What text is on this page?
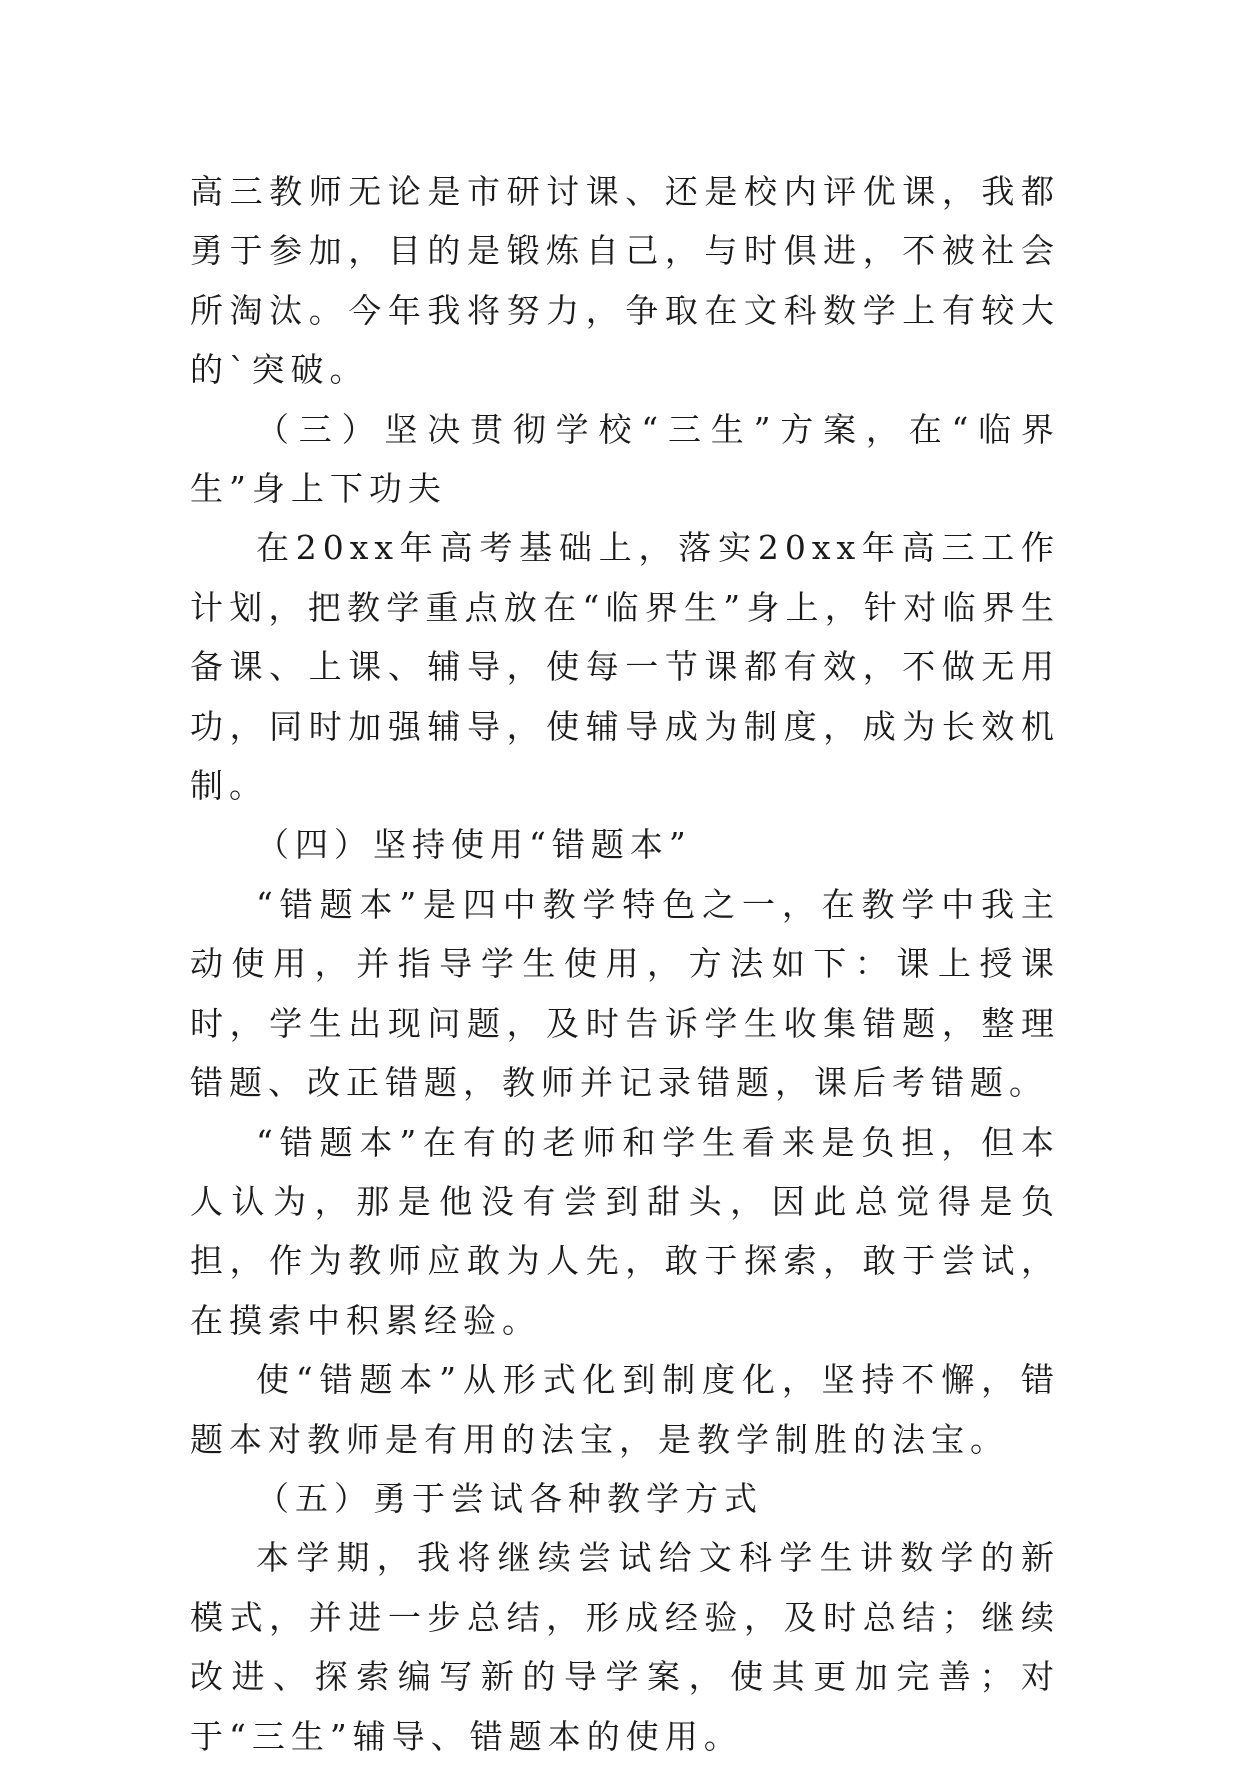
高三教师无论是市研讨课、还是校内评优课，我都勇于参加，目的是锻炼自己，与时俱进，不被社会所淘汰。今年我将努力，争取在文科数学上有较大的`突破。

（三）坚决贯彻学校“三生”方案，在“临界生”身上下功夫

在20xx年高考基础上，落实20xx年高三工作计划，把教学重点放在“临界生”身上，针对临界生备课、上课、辅导，使每一节课都有效，不做无用功，同时加强辅导，使辅导成为制度，成为长效机制。

（四）坚持使用“错题本”

“错题本”是四中教学特色之一，在教学中我主动使用，并指导学生使用，方法如下：课上授课时，学生出现问题，及时告诉学生收集错题，整理错题、改正错题，教师并记录错题，课后考错题。

“错题本”在有的老师和学生看来是负担，但本人认为，那是他没有尝到甜头，因此总觉得是负担，作为教师应敢为人先，敢于探索，敢于尝试，在摸索中积累经验。

使“错题本”从形式化到制度化，坚持不懈，错题本对教师是有用的法宝，是教学制胜的法宝。

（五）勇于尝试各种教学方式

本学期，我将继续尝试给文科学生讲数学的新模式，并进一步总结，形成经验，及时总结；继续改进、探索编写新的导学案，使其更加完善；对于“三生”辅导、错题本的使用。
